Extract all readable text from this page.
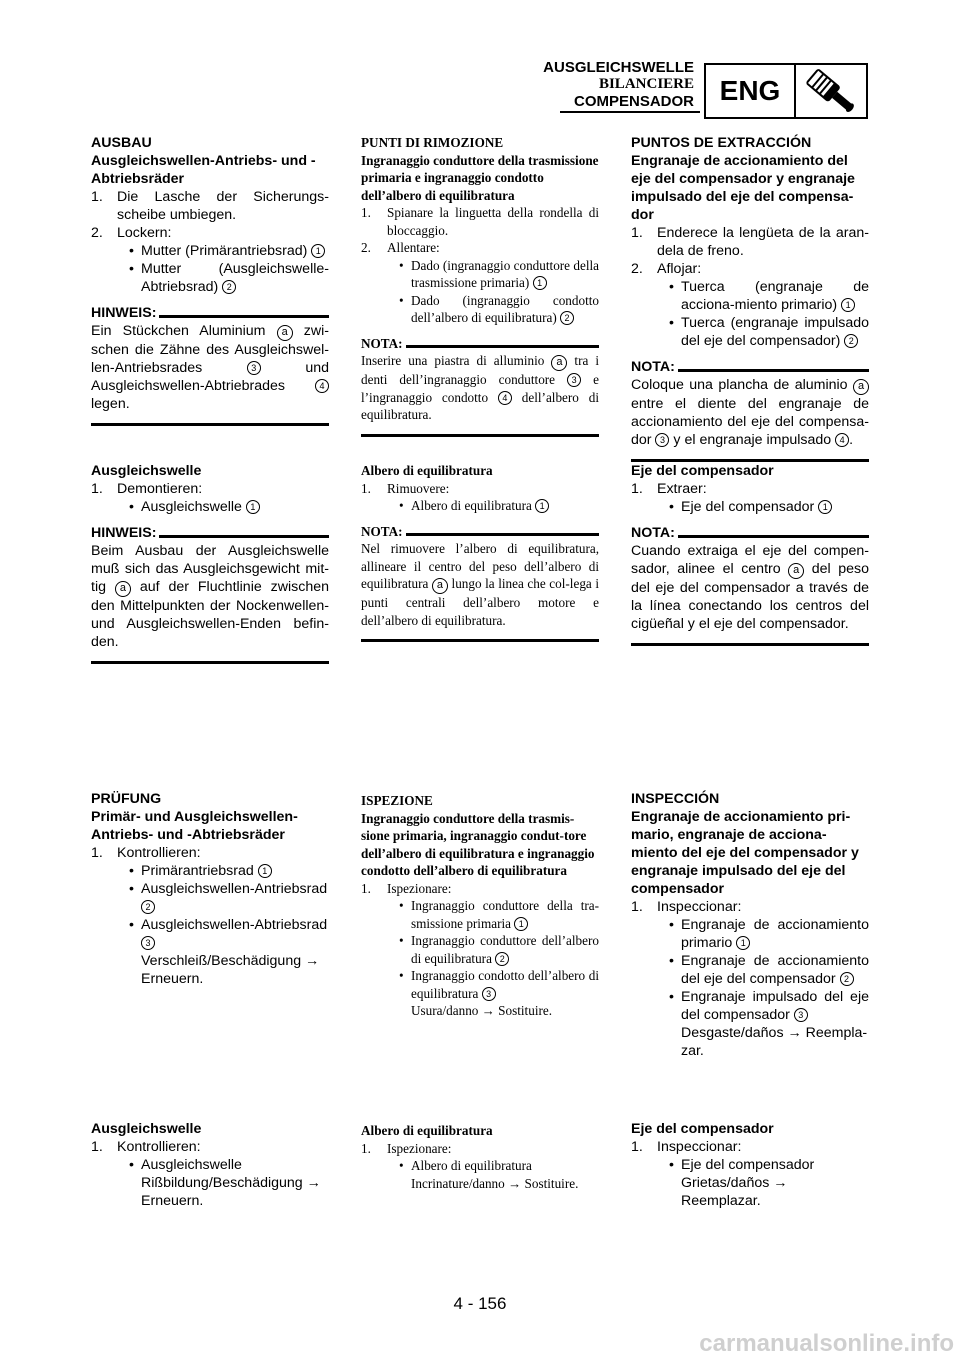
AUSGLEICHSWELLE
BILANCIERE
COMPENSADOR ENG
AUSBAU
Ausgleichswellen-Antriebs- und -Abtriebsräder
1. Die Lasche der Sicherungs-scheibe umbiegen.
2. Lockern:
• Mutter (Primärantriebsrad) 1
• Mutter (Ausgleichswelle-Abtriebsrad) 2
HINWEIS:
Ein Stückchen Aluminium a zwi-schen die Zähne des Ausgleichswel-len-Antriebsrades	3	und Ausgleichswellen-Abtriebrades	4 legen.
Ausgleichswelle
1. Demontieren:
• Ausgleichswelle 1
HINWEIS:
Beim Ausbau der Ausgleichswelle muß sich das Ausgleichsgewicht mit-tig a auf der Fluchtlinie zwischen den Mittelpunkten der Nockenwellen- und Ausgleichswellen-Enden befin-den.
PRÜFUNG
Primär- und Ausgleichswellen-Antriebs- und -Abtriebsräder
1. Kontrollieren:
• Primärantriebsrad 1
• Ausgleichswellen-Antriebsrad 2
• Ausgleichswellen-Abtriebsrad 3
Verschleiß/Beschädigung → Erneuern.
Ausgleichswelle
1. Kontrollieren:
• Ausgleichswelle
Rißbildung/Beschädigung → Erneuern.
PUNTI DI RIMOZIONE
Ingranaggio conduttore della trasmissione primaria e ingranaggio condotto dell’albero di equilibratura
1. Spianare la linguetta della rondella di bloccaggio.
2. Allentare:
• Dado (ingranaggio conduttore della trasmissione primaria) 1
• Dado (ingranaggio condotto dell’albero di equilibratura) 2
NOTA:
Inserire una piastra di alluminio a tra i denti dell’ingranaggio conduttore 3 e l’ingranaggio condotto 4 dell’albero di equilibratura.
Albero di equilibratura
1. Rimuovere:
• Albero di equilibratura 1
NOTA:
Nel rimuovere l’albero di equilibratura, allineare il centro del peso dell’albero di equilibratura a lungo la linea che col-lega i punti centrali dell’albero motore e dell’albero di equilibratura.
ISPEZIONE
Ingranaggio conduttore della trasmis-sione primaria, ingranaggio condut-tore dell’albero di equilibratura e ingranaggio condotto dell’albero di equilibratura
1. Ispezionare:
• Ingranaggio conduttore della tra-smissione primaria 1
• Ingranaggio conduttore dell’albero di equilibratura 2
• Ingranaggio condotto dell’albero di equilibratura 3
Usura/danno → Sostituire.
Albero di equilibratura
1. Ispezionare:
• Albero di equilibratura
Incrinature/danno → Sostituire.
PUNTOS DE EXTRACCIÓN
Engranaje de accionamiento del eje del compensador y engranaje impulsado del eje del compensa-dor
1. Enderece la lengüeta de la aran-dela de freno.
2. Aflojar:
• Tuerca (engranaje de acciona-miento primario) 1
• Tuerca (engranaje impulsado del eje del compensador) 2
NOTA:
Coloque una plancha de aluminio a entre el diente del engranaje de accionamiento del eje del compensa-dor 3 y el engranaje impulsado 4 .
Eje del compensador
1. Extraer:
• Eje del compensador 1
NOTA:
Cuando extraiga el eje del compen-sador, alinee el centro a del peso del eje del compensador a través de la línea conectando los centros del cigüeñal y el eje del compensador.
INSPECCIÓN
Engranaje de accionamiento pri-mario, engranaje de acciona-miento del eje del compensador y engranaje impulsado del eje del compensador
1. Inspeccionar:
• Engranaje de accionamiento primario 1
• Engranaje de accionamiento del eje del compensador 2
• Engranaje impulsado del eje del compensador 3
Desgaste/daños → Reempla-zar.
Eje del compensador
1. Inspeccionar:
• Eje del compensador
Grietas/daños → Reemplazar.
4 - 156
carmanualsonline.info
